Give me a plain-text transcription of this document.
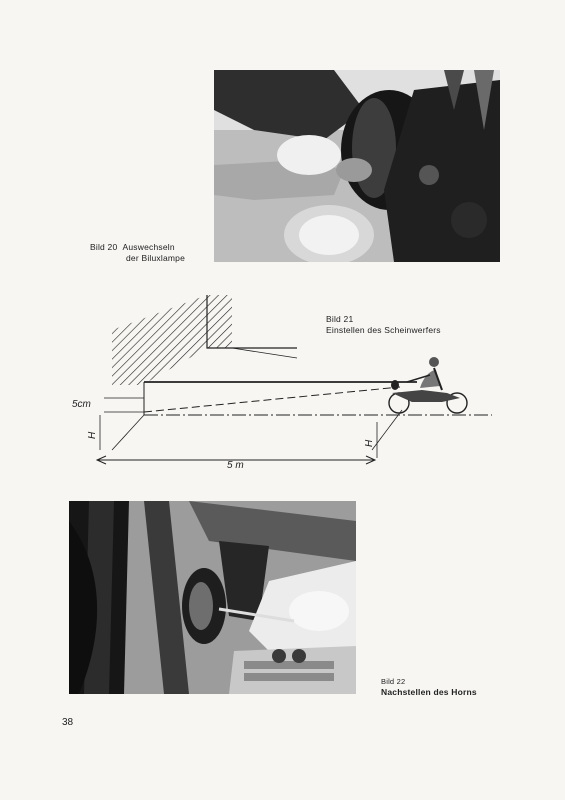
Bild 20 Auswechseln
der Biluxlampe
5cm
H
H
5 m
Bild 21
Einstellen des Scheinwerfers
Bild 22
Nachstellen des Horns
38
